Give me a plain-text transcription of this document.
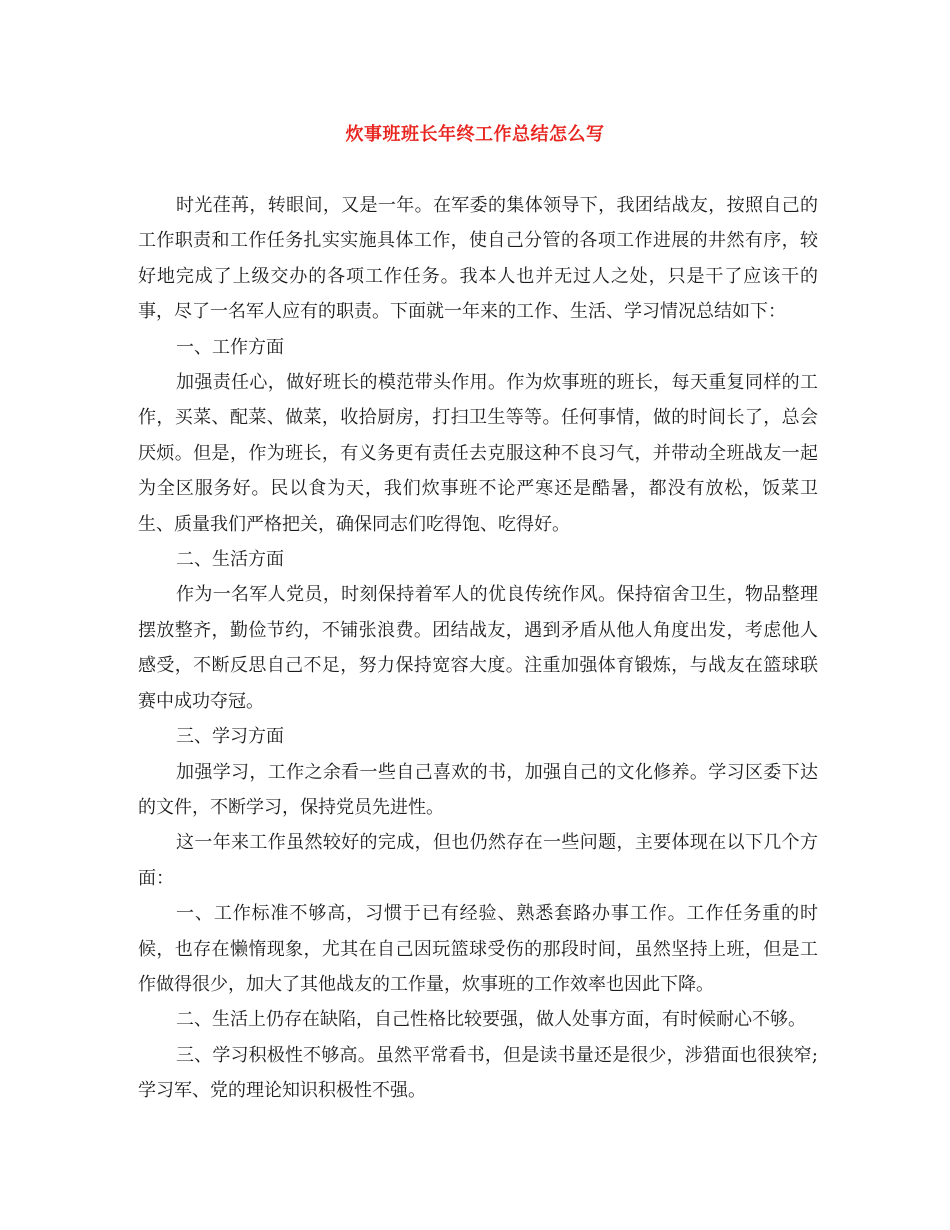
炊事班班长年终工作总结怎么写

时光荏苒，转眼间，又是一年。在军委的集体领导下，我团结战友，按照自己的工作职责和工作任务扎实实施具体工作，使自己分管的各项工作进展的井然有序，较好地完成了上级交办的各项工作任务。我本人也并无过人之处，只是干了应该干的事，尽了一名军人应有的职责。下面就一年来的工作、生活、学习情况总结如下：

一、工作方面

加强责任心，做好班长的模范带头作用。作为炊事班的班长，每天重复同样的工作，买菜、配菜、做菜，收拾厨房，打扫卫生等等。任何事情，做的时间长了，总会厌烦。但是，作为班长，有义务更有责任去克服这种不良习气，并带动全班战友一起为全区服务好。民以食为天，我们炊事班不论严寒还是酷暑，都没有放松，饭菜卫生、质量我们严格把关，确保同志们吃得饱、吃得好。

二、生活方面

作为一名军人党员，时刻保持着军人的优良传统作风。保持宿舍卫生，物品整理摆放整齐，勤俭节约，不铺张浪费。团结战友，遇到矛盾从他人角度出发，考虑他人感受，不断反思自己不足，努力保持宽容大度。注重加强体育锻炼，与战友在篮球联赛中成功夺冠。

三、学习方面

加强学习，工作之余看一些自己喜欢的书，加强自己的文化修养。学习区委下达的文件，不断学习，保持党员先进性。

这一年来工作虽然较好的完成，但也仍然存在一些问题，主要体现在以下几个方面：

一、工作标准不够高，习惯于已有经验、熟悉套路办事工作。工作任务重的时候，也存在懒惰现象，尤其在自己因玩篮球受伤的那段时间，虽然坚持上班，但是工作做得很少，加大了其他战友的工作量，炊事班的工作效率也因此下降。

二、生活上仍存在缺陷，自己性格比较要强，做人处事方面，有时候耐心不够。

三、学习积极性不够高。虽然平常看书，但是读书量还是很少，涉猎面也很狭窄;学习军、党的理论知识积极性不强。
